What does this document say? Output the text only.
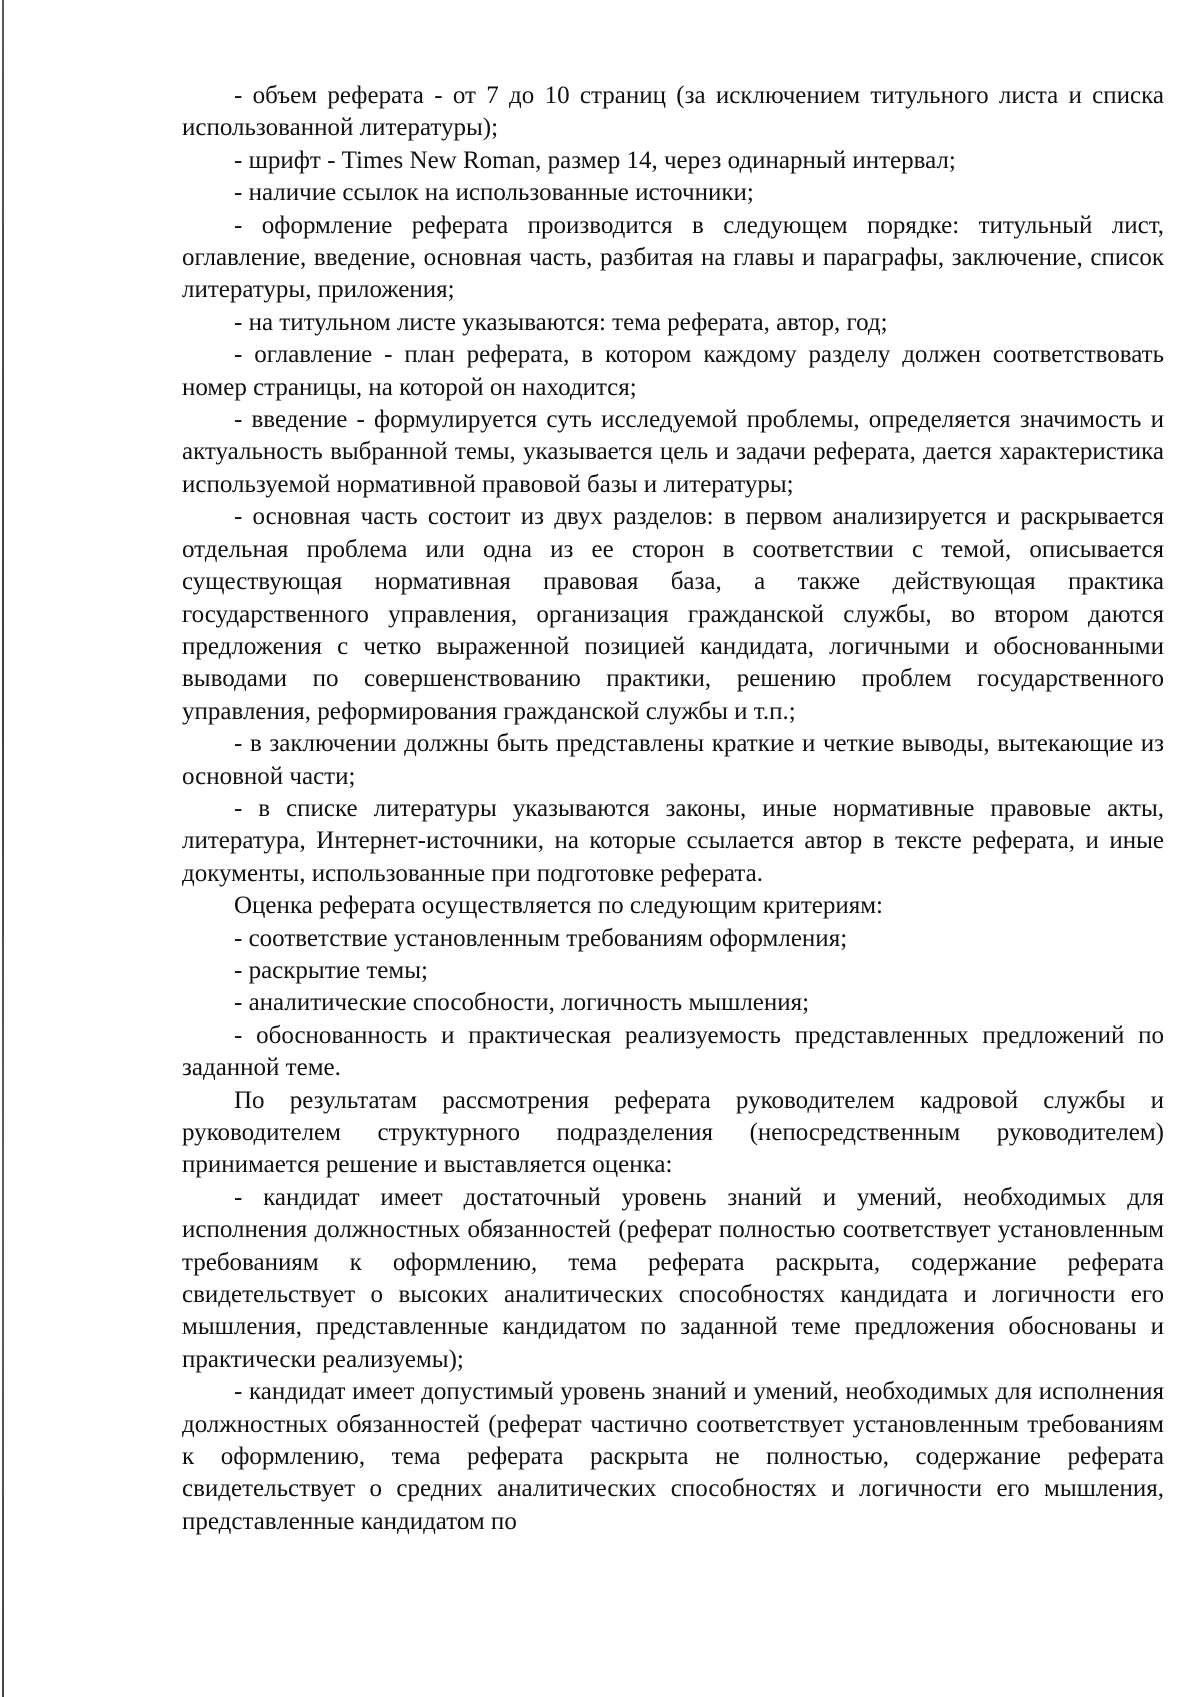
- объем реферата - от 7 до 10 страниц (за исключением титульного листа и списка использованной литературы);

- шрифт - Times New Roman, размер 14, через одинарный интервал;

- наличие ссылок на использованные источники;

- оформление реферата производится в следующем порядке: титульный лист, оглавление, введение, основная часть, разбитая на главы и параграфы, заключение, список литературы, приложения;

- на титульном листе указываются: тема реферата, автор, год;

- оглавление - план реферата, в котором каждому разделу должен соответствовать номер страницы, на которой он находится;

- введение - формулируется суть исследуемой проблемы, определяется значимость и актуальность выбранной темы, указывается цель и задачи реферата, дается характеристика используемой нормативной правовой базы и литературы;

- основная часть состоит из двух разделов: в первом анализируется и раскрывается отдельная проблема или одна из ее сторон в соответствии с темой, описывается существующая нормативная правовая база, а также действующая практика государственного управления, организация гражданской службы, во втором даются предложения с четко выраженной позицией кандидата, логичными и обоснованными выводами по совершенствованию практики, решению проблем государственного управления, реформирования гражданской службы и т.п.;

- в заключении должны быть представлены краткие и четкие выводы, вытекающие из основной части;

- в списке литературы указываются законы, иные нормативные правовые акты, литература, Интернет-источники, на которые ссылается автор в тексте реферата, и иные документы, использованные при подготовке реферата.

Оценка реферата осуществляется по следующим критериям:

- соответствие установленным требованиям оформления;

- раскрытие темы;

- аналитические способности, логичность мышления;

- обоснованность и практическая реализуемость представленных предложений по заданной теме.

По результатам рассмотрения реферата руководителем кадровой службы и руководителем структурного подразделения (непосредственным руководителем) принимается решение и выставляется оценка:

- кандидат имеет достаточный уровень знаний и умений, необходимых для исполнения должностных обязанностей (реферат полностью соответствует установленным требованиям к оформлению, тема реферата раскрыта, содержание реферата свидетельствует о высоких аналитических способностях кандидата и логичности его мышления, представленные кандидатом по заданной теме предложения обоснованы и практически реализуемы);

- кандидат имеет допустимый уровень знаний и умений, необходимых для исполнения должностных обязанностей (реферат частично соответствует установленным требованиям к оформлению, тема реферата раскрыта не полностью, содержание реферата свидетельствует о средних аналитических способностях и логичности его мышления, представленные кандидатом по
